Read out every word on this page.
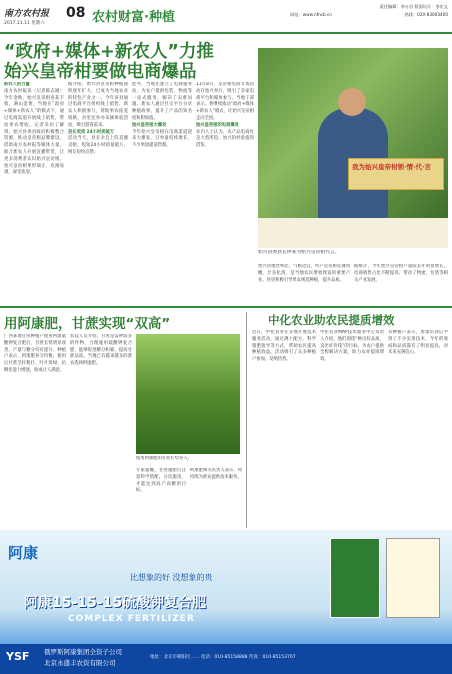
南方农村报
2017.11.11 星期六
08 农村财富·种植
责任编辑：李万昌 版面设计：李宏文
热线：020-83003400
网址：www.nfncb.cn
“政府+媒体+新农人”力推
始兴皇帝柑要做电商爆品
新农人的力量
南方农村报讯（记者陈志刚）今年金秋，始兴皇帝柑喜获丰收，满山金黄，当地在“政府+媒体+新农人”的模式下，通过电商渠道开展线上销售，带动果农增收。记者采访了解到，始兴县委县政府积极整合资源，推动皇帝柑品牌建设，借助南方农村报等媒体力量，联合新农人开展直播带货，让更多消费者认识始兴皇帝柑。始兴皇帝柑果形端正、皮薄易剥，深受欢迎。
据介绍，始兴县皇帝柑种植面积逐年扩大，已成为当地农业的特色产业之一。今年该县通过电商平台组织线上销售，新农人积极参与，帮助果农拓宽销路。县里还举办采摘体验活动，吸引游客前来。
县长卖货 24小时卖破万
活动当天，县长亲自上阵直播卖柑，短短24小时销量破万，网友纷纷点赞。
此外，当地还建立了电商服务站，为农户提供包装、物流等一站式服务，解决了卖难问题。新农人通过社交平台分享种植故事，提升了产品的知名度和附加值。
始兴皇帝柑大爆发
今年始兴皇帝柑在电商渠道迎来大爆发，订单量持续增长，不少果园提前售罄。
11月8日，皇帝柑电商专场活动在始兴举行，吸引了多家电商平台和媒体参与。当地干部表示，将继续推动“政府+媒体+新农人”模式，让始兴皇帝柑走向全国。
始兴皇帝柑的电商爆发
业内人士认为，农产品电商化是大势所趋，始兴的经验值得借鉴。
我为始兴皇帝柑领·情·代·言
始兴县委县长钟某为始兴皇帝柑代言。
始兴县地处粤北，气候适宜，所产皇帝柑皮薄肉嫩、汁多化渣，是当地农民增收致富的重要产业。县里积极引导果农规范种植，提升品质。
据统计，今年始兴皇帝柑产量较去年明显增长，电商销售占比不断提高，带动了物流、包装等相关产业发展。
用阿康肥，甘蔗实现“双高”
广西某地甘蔗种植户使用阿康硫酸钾复合肥后，甘蔗长势明显改善，产量与糖分均有提升。种植户表示，阿康肥养分均衡，使用后甘蔗茎秆粗壮、叶片浓绿，抗倒伏能力增强，收成让人满意。
农技人员介绍，甘蔗是需钾较多的作物，合理施用硫酸钾复合肥，能够促进糖分积累，提高甘蔗品质。当地已有越来越多的蔗农选择阿康肥。
使用阿康肥的甘蔗长势喜人。
专家提醒，甘蔗施肥应注意科学搭配，分次施用，才能达到高产高糖的目标。
阿康肥相关负责人表示，将持续为蔗农提供技术服务。
中化农业助农民提质增效
近日，中化农业在多地开展技术服务活动，通过测土配方、科学施肥指导等方式，帮助农民提高种植效益。活动吸引了众多种植户参加，反响热烈。
中化农业MAP技术服务中心负责人介绍，他们围绕“种出好品质、卖出好价钱”的目标，为农户提供全程解决方案，助力农业提质增效。
有种植户表示，参加培训后学到了不少实用技术，今年的收成和品质都有了明显提高，对未来充满信心。
阿康
比想象的好 没想象的贵
阿康15-15-15硫酸钾复合肥
COMPLEX FERTILIZER
YSF 俄罗斯阿康集团全资子公司
北京永盛丰农资有限公司
地址：北京市朝阳区…… 电话：010-85158888 传真：010-85153707
